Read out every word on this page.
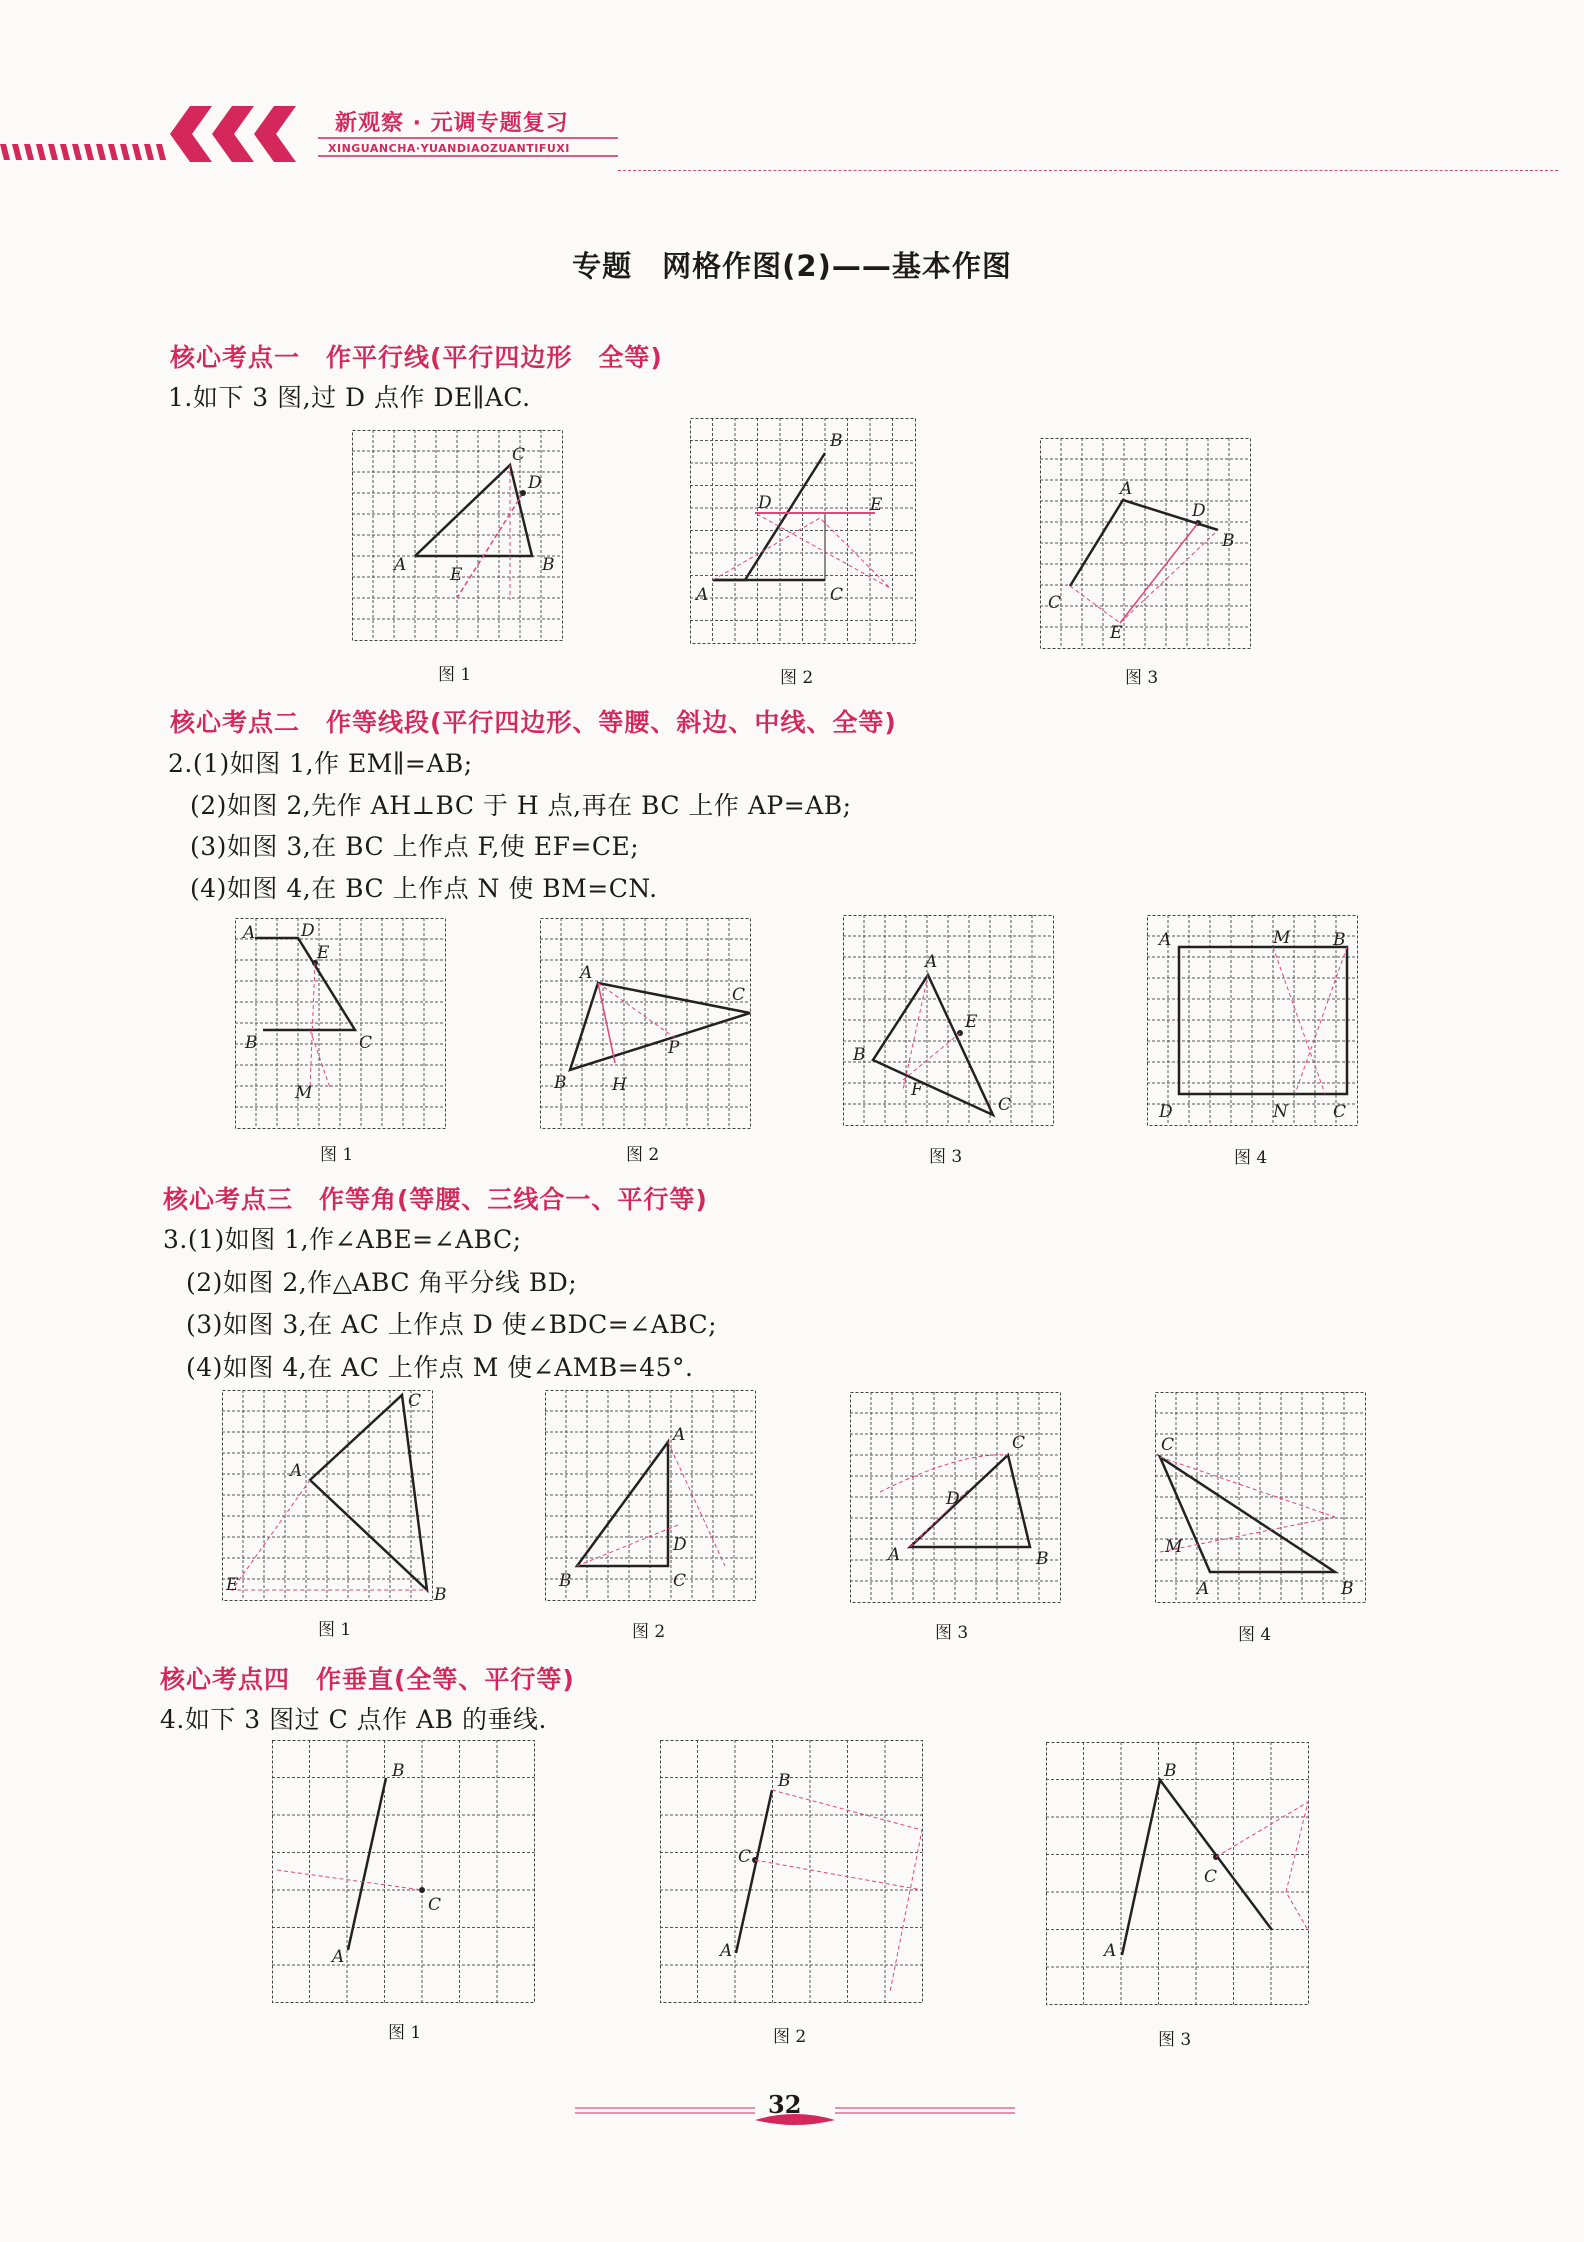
新观察 · 元调专题复习
XINGUANCHA·YUANDIAOZUANTIFUXI
专题　网格作图(2)——基本作图
核心考点一　作平行线(平行四边形　全等)
1.如下 3 图,过 D 点作 DE∥AC.
A	B
C
D
E
图 1
A
B
C
D	E
图 2
C
A
B
D
E
图 3
核心考点二　作等线段(平行四边形、等腰、斜边、中线、全等)
2.(1)如图 1,作 EM∥=AB;
(2)如图 2,先作 AH⊥BC 于 H 点,再在 BC 上作 AP=AB;
(3)如图 3,在 BC 上作点 F,使 EF=CE;
(4)如图 4,在 BC 上作点 N 使 BM=CN.
A	D
E
B	C
M
图 1
A
C
B	H
P
图 2
A
B
E
C
F
图 3
A	M	B
D	N	C
图 4
核心考点三　作等角(等腰、三线合一、平行等)
3.(1)如图 1,作∠ABE=∠ABC;
(2)如图 2,作△ABC 角平分线 BD;
(3)如图 3,在 AC 上作点 D 使∠BDC=∠ABC;
(4)如图 4,在 AC 上作点 M 使∠AMB=45°.
A
C
B
E
图 1
A
B	C
D
图 2
A	B
C
D
图 3
C
A	B
M
图 4
核心考点四　作垂直(全等、平行等)
4.如下 3 图过 C 点作 AB 的垂线.
B
A
C
图 1
B
C
A
图 2
B
C
A
图 3
32
